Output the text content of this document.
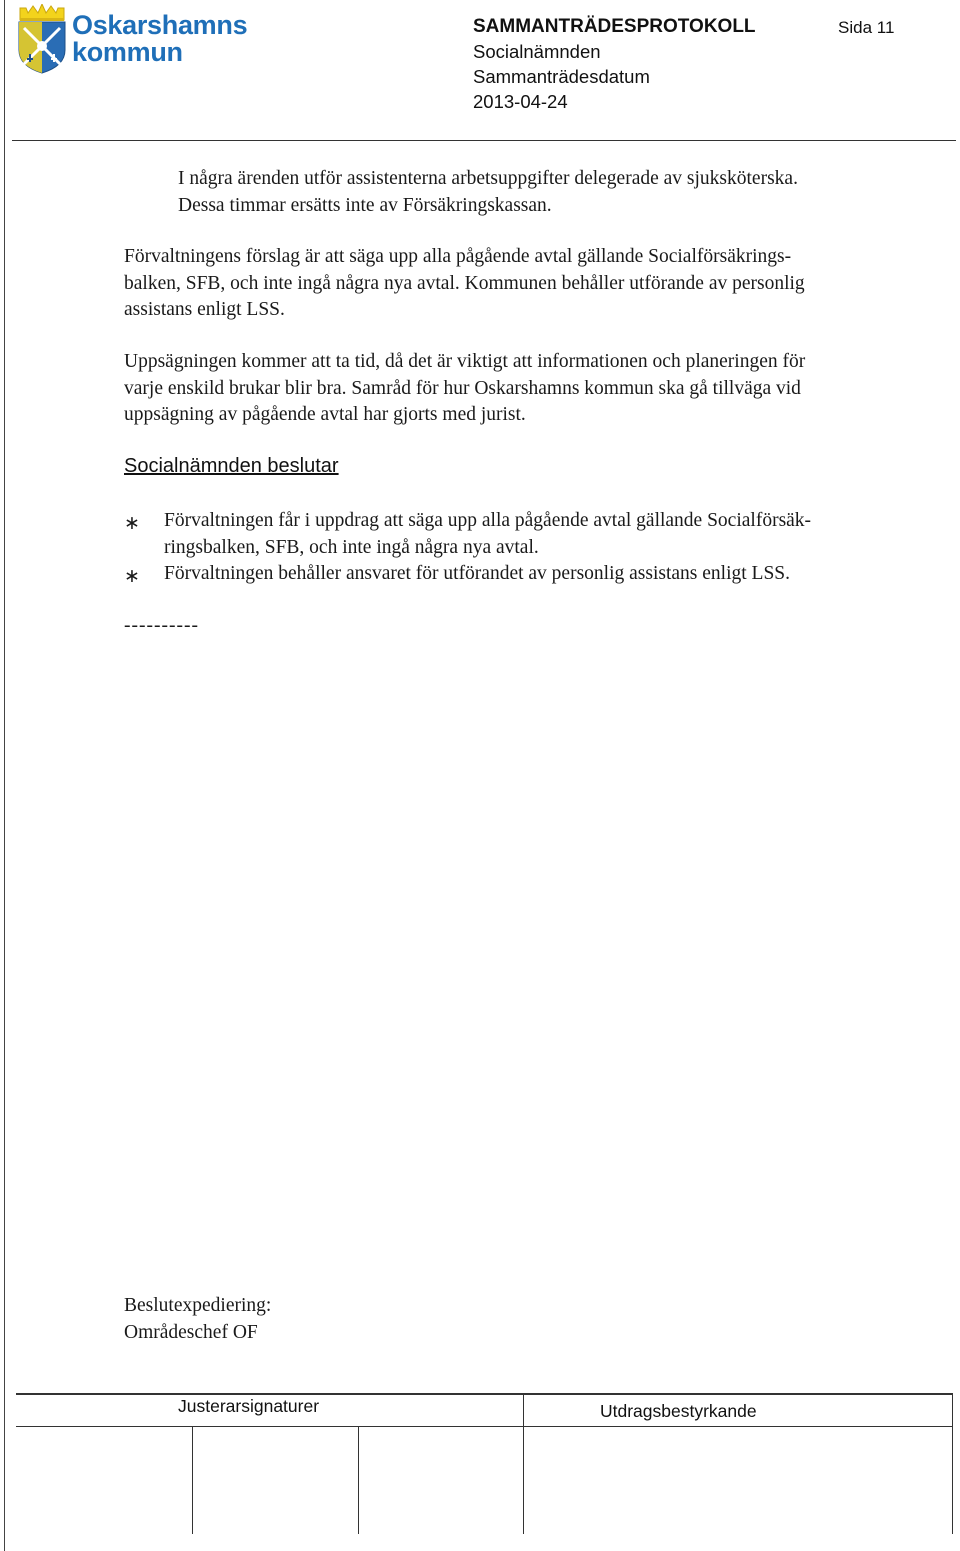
Oskarshamns
kommun
SAMMANTRÄDESPROTOKOLL	Sida 11
Socialnämnden
Sammanträdesdatum
2013-04-24
I några ärenden utför assistenterna arbetsuppgifter delegerade av sjuksköterska.
Dessa timmar ersätts inte av Försäkringskassan.
Förvaltningens förslag är att säga upp alla pågående avtal gällande Socialförsäkrings-
balken, SFB, och inte ingå några nya avtal. Kommunen behåller utförande av personlig
assistans enligt LSS.
Uppsägningen kommer att ta tid, då det är viktigt att informationen och planeringen för
varje enskild brukar blir bra. Samråd för hur Oskarshamns kommun ska gå tillväga vid
uppsägning av pågående avtal har gjorts med jurist.
Socialnämnden beslutar
∗ Förvaltningen får i uppdrag att säga upp alla pågående avtal gällande Socialförsäk-
ringsbalken, SFB, och inte ingå några nya avtal.
∗ Förvaltningen behåller ansvaret för utförandet av personlig assistans enligt LSS.
----------
Beslutexpediering:
Områdeschef OF
Justerarsignaturer	Utdragsbestyrkande
